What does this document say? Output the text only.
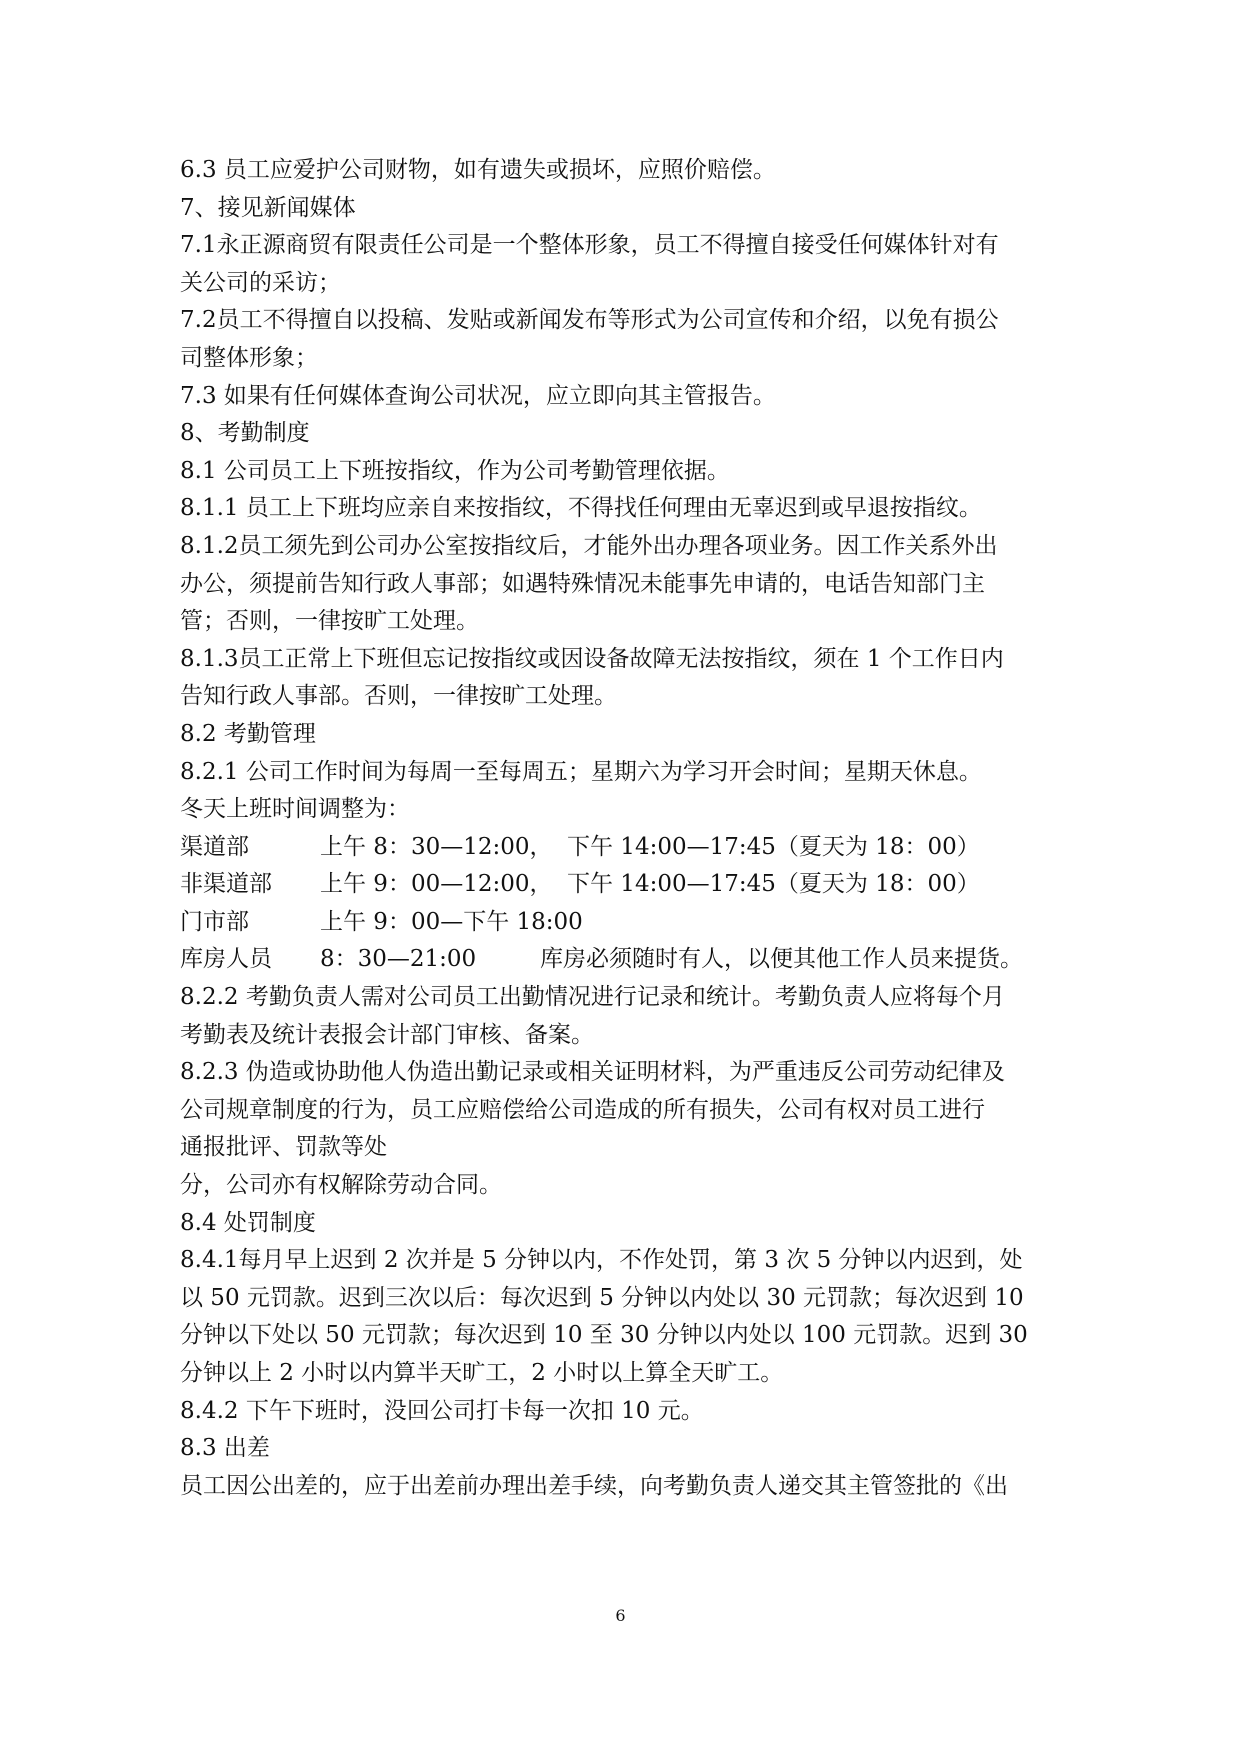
6.3 员工应爱护公司财物，如有遗失或损坏，应照价赔偿。
7、接见新闻媒体
7.1永正源商贸有限责任公司是一个整体形象，员工不得擅自接受任何媒体针对有
关公司的采访；
7.2员工不得擅自以投稿、发贴或新闻发布等形式为公司宣传和介绍，以免有损公
司整体形象；
7.3 如果有任何媒体查询公司状况，应立即向其主管报告。
8、考勤制度
8.1 公司员工上下班按指纹，作为公司考勤管理依据。
8.1.1 员工上下班均应亲自来按指纹，不得找任何理由无辜迟到或早退按指纹。
8.1.2员工须先到公司办公室按指纹后，才能外出办理各项业务。因工作关系外出
办公，须提前告知行政人事部；如遇特殊情况未能事先申请的，电话告知部门主
管；否则，一律按旷工处理。
8.1.3员工正常上下班但忘记按指纹或因设备故障无法按指纹，须在 1 个工作日内
告知行政人事部。否则，一律按旷工处理。
8.2 考勤管理
8.2.1 公司工作时间为每周一至每周五；星期六为学习开会时间；星期天休息。
冬天上班时间调整为：
渠道部	上午 8：30—12:00， 下午 14:00—17:45（夏天为 18：00）
非渠道部	上午 9：00—12:00， 下午 14:00—17:45（夏天为 18：00）
门市部	上午 9：00—下午 18:00
库房人员	8：30—21:00	库房必须随时有人，以便其他工作人员来提货。
8.2.2 考勤负责人需对公司员工出勤情况进行记录和统计。考勤负责人应将每个月
考勤表及统计表报会计部门审核、备案。
8.2.3 伪造或协助他人伪造出勤记录或相关证明材料，为严重违反公司劳动纪律及
公司规章制度的行为，员工应赔偿给公司造成的所有损失，公司有权对员工进行
通报批评、罚款等处
分，公司亦有权解除劳动合同。
8.4 处罚制度
8.4.1每月早上迟到 2 次并是 5 分钟以内，不作处罚，第 3 次 5 分钟以内迟到，处
以 50 元罚款。迟到三次以后：每次迟到 5 分钟以内处以 30 元罚款；每次迟到 10
分钟以下处以 50 元罚款；每次迟到 10 至 30 分钟以内处以 100 元罚款。迟到 30
分钟以上 2 小时以内算半天旷工，2 小时以上算全天旷工。
8.4.2 下午下班时，没回公司打卡每一次扣 10 元。
8.3 出差
员工因公出差的，应于出差前办理出差手续，向考勤负责人递交其主管签批的《出
6
